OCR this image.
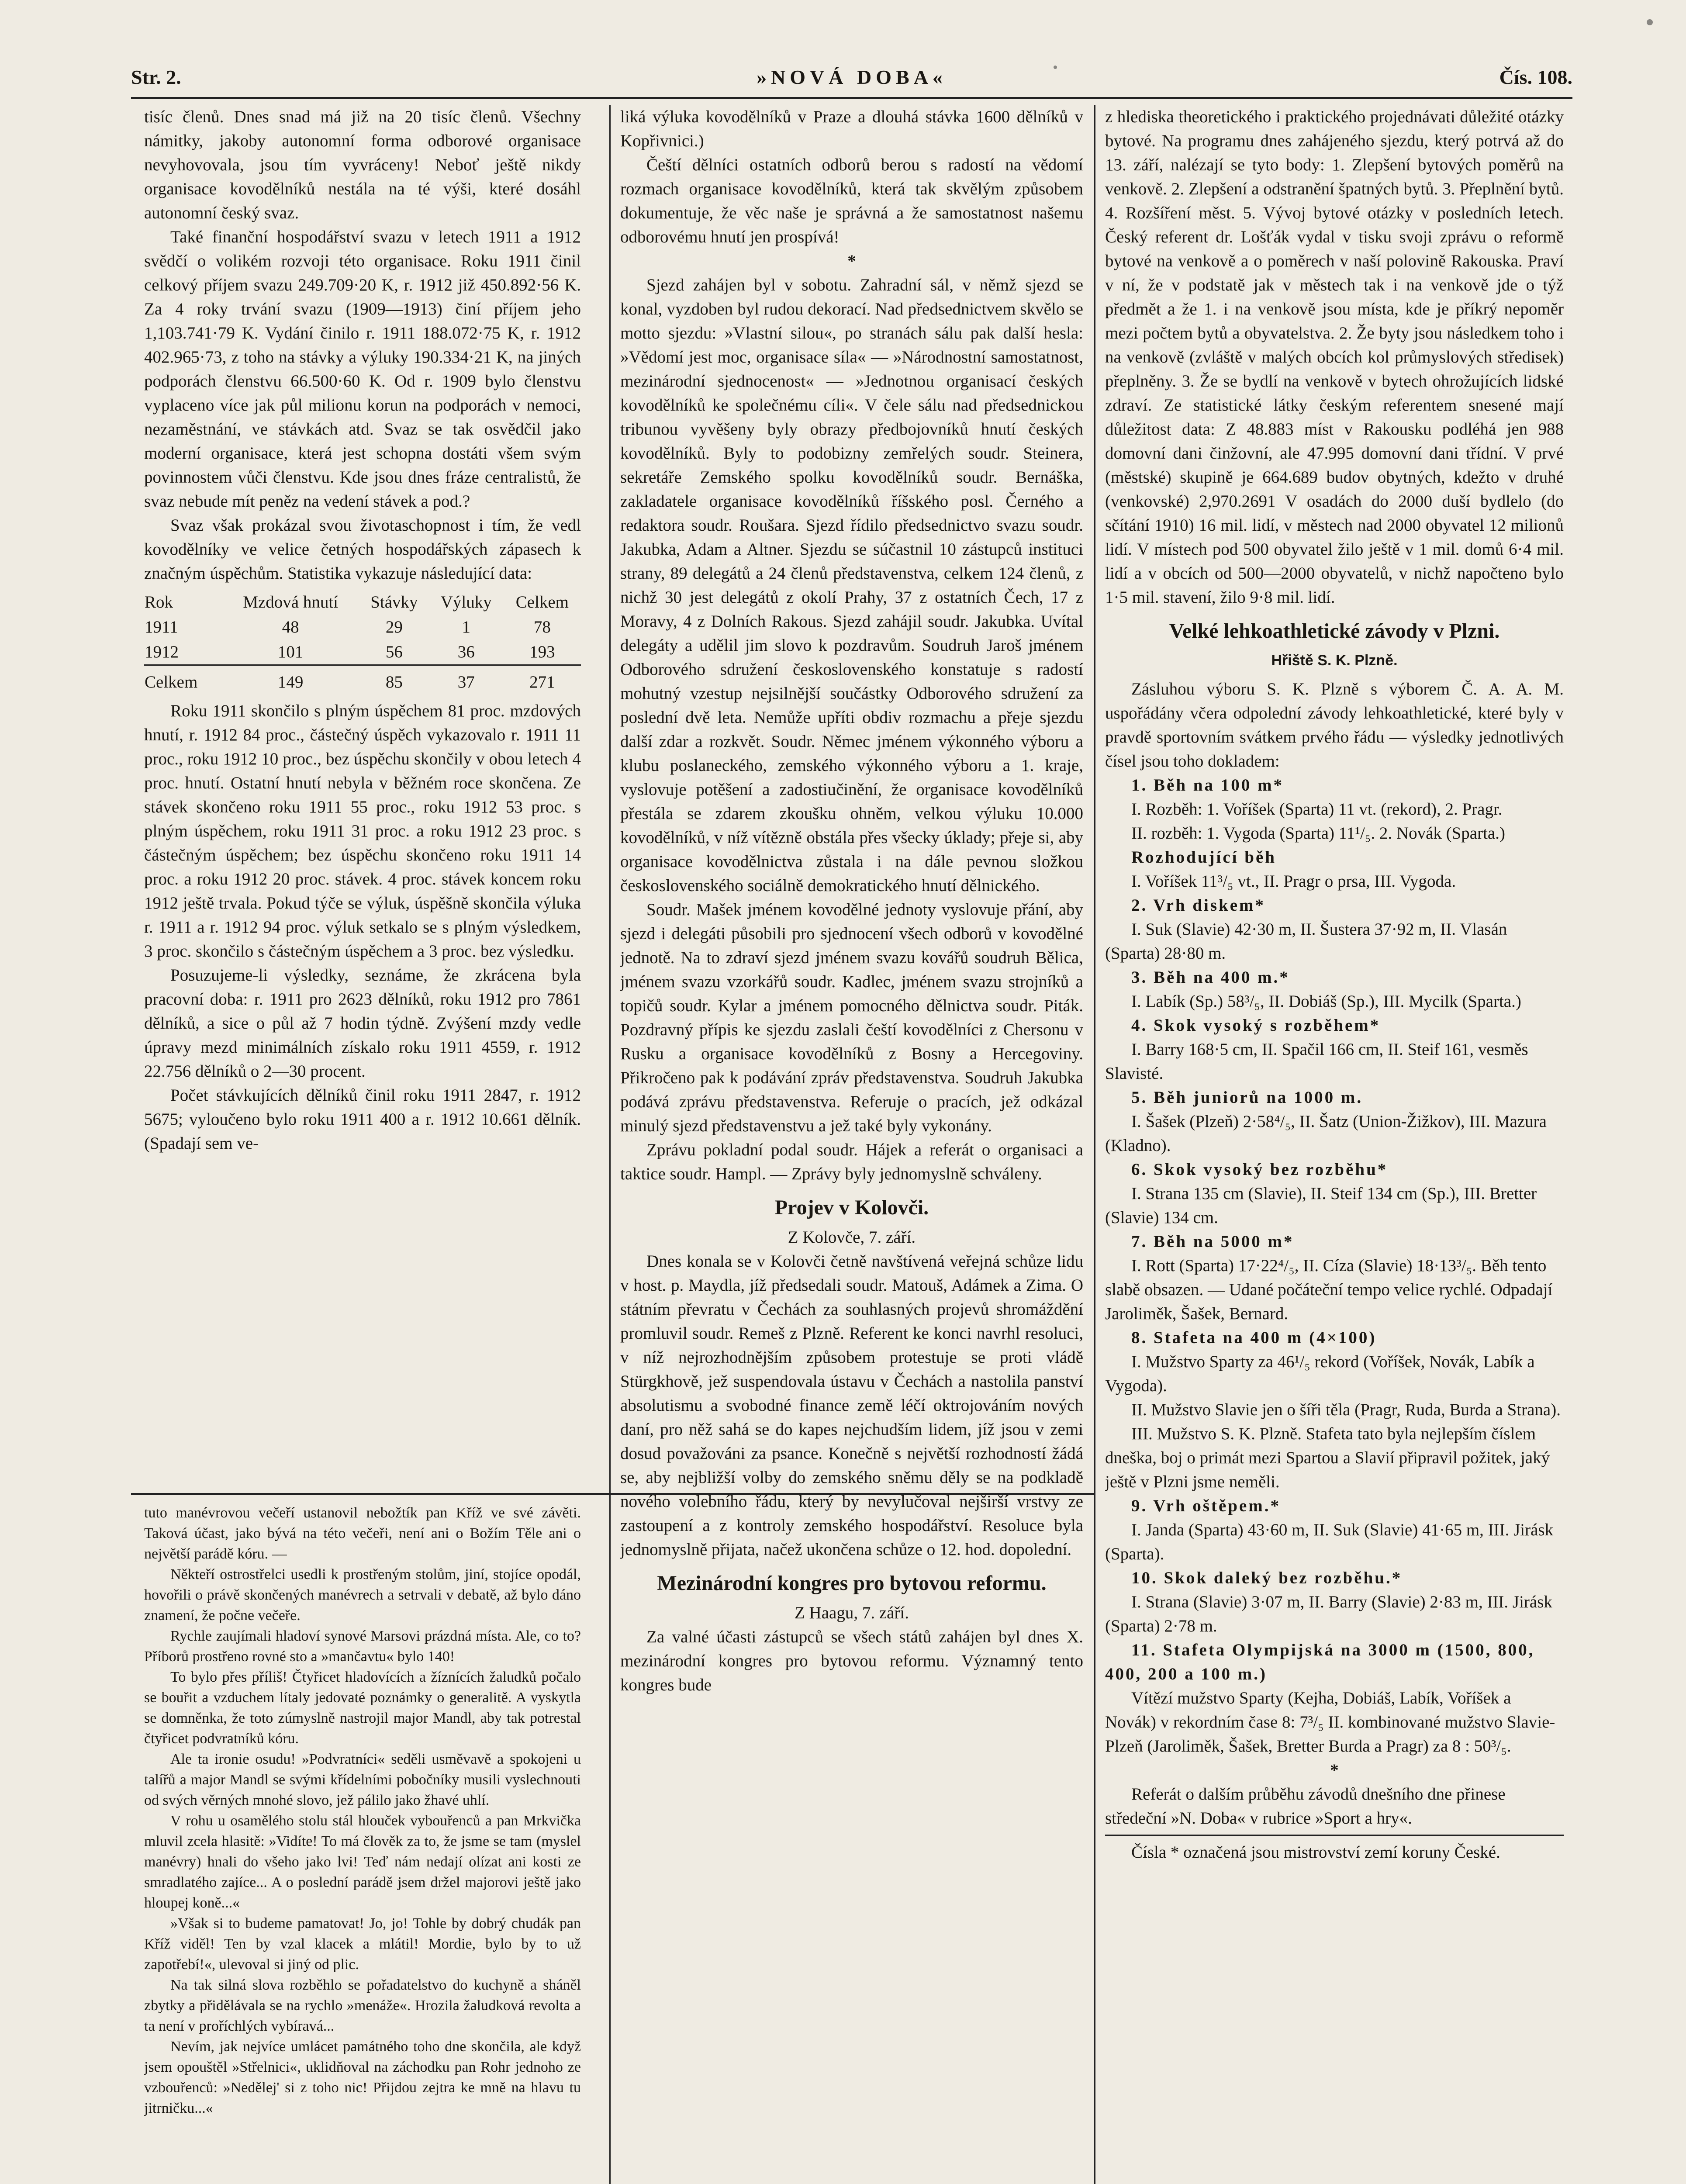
Str. 2.	»NOVÁ DOBA«	Čís. 108.

tisíc členů. Dnes snad má již na 20 tisíc členů. Všechny námitky, jakoby autonomní forma odborové organisace nevyhovovala, jsou tím vyvráceny! Neboť ještě nikdy organisace kovodělníků nestála na té výši, které dosáhl autonomní český svaz.

Také finanční hospodářství svazu v letech 1911 a 1912 svědčí o volikém rozvoji této organisace. Roku 1911 činil celkový příjem svazu 249.709·20 K, r. 1912 již 450.892·56 K. Za 4 roky trvání svazu (1909—1913) činí příjem jeho 1,103.741·79 K. Vydání činilo r. 1911 188.072·75 K, r. 1912 402.965·73, z toho na stávky a výluky 190.334·21 K, na jiných podporách členstvu 66.500·60 K. Od r. 1909 bylo členstvu vyplaceno více jak půl milionu korun na podporách v nemoci, nezaměstnání, ve stávkách atd. Svaz se tak osvědčil jako moderní organisace, která jest schopna dostáti všem svým povinnostem vůči členstvu. Kde jsou dnes fráze centralistů, že svaz nebude mít peněz na vedení stávek a pod.?

Svaz však prokázal svou životaschopnost i tím, že vedl kovodělníky ve velice četných hospodářských zápasech k značným úspěchům. Statistika vykazuje následující data:

Rok	Mzdová hnutí	Stávky	Výluky	Celkem
1911	48	29	1	78
1912	101	56	36	193
Celkem	149	85	37	271

Roku 1911 skončilo s plným úspěchem 81 proc. mzdových hnutí, r. 1912 84 proc., částečný úspěch vykazovalo r. 1911 11 proc., roku 1912 10 proc., bez úspěchu skončily v obou letech 4 proc. hnutí. Ostatní hnutí nebyla v běžném roce skončena. Ze stávek skončeno roku 1911 55 proc., roku 1912 53 proc. s plným úspěchem, roku 1911 31 proc. a roku 1912 23 proc. s částečným úspěchem; bez úspěchu skončeno roku 1911 14 proc. a roku 1912 20 proc. stávek. 4 proc. stávek koncem roku 1912 ještě trvala. Pokud týče se výluk, úspěšně skončila výluka r. 1911 a r. 1912 94 proc. výluk setkalo se s plným výsledkem, 3 proc. skončilo s částečným úspěchem a 3 proc. bez výsledku.

Posuzujeme-li výsledky, seznáme, že zkrácena byla pracovní doba: r. 1911 pro 2623 dělníků, roku 1912 pro 7861 dělníků, a sice o půl až 7 hodin týdně. Zvýšení mzdy vedle úpravy mezd minimálních získalo roku 1911 4559, r. 1912 22.756 dělníků o 2—30 procent.

Počet stávkujících dělníků činil roku 1911 2847, r. 1912 5675; vyloučeno bylo roku 1911 400 a r. 1912 10.661 dělník. (Spadají sem ve-

tuto manévrovou večeří ustanovil nebožtík pan Kříž ve své závěti. Taková účast, jako bývá na této večeři, není ani o Božím Těle ani o největší parádě kóru. —

Někteří ostrostřelci usedli k prostřeným stolům, jiní, stojíce opodál, hovořili o právě skončených manévrech a setrvali v debatě, až bylo dáno znamení, že počne večeře.

Rychle zaujímali hladoví synové Marsovi prázdná místa. Ale, co to? Příborů prostřeno rovné sto a »mančavtu« bylo 140!

To bylo přes příliš! Čtyřicet hladovících a žíznících žaludků počalo se bouřit a vzduchem lítaly jedovaté poznámky o generalitě. A vyskytla se domněnka, že toto zúmyslně nastrojil major Mandl, aby tak potrestal čtyřicet podvratníků kóru.

Ale ta ironie osudu! »Podvratníci« seděli usměvavě a spokojeni u talířů a major Mandl se svými křídelními pobočníky musili vyslechnouti od svých věrných mnohé slovo, jež pálilo jako žhavé uhlí.

V rohu u osamělého stolu stál hlouček vybouřenců a pan Mrkvička mluvil zcela hlasitě: »Vidíte! To má člověk za to, že jsme se tam (myslel manévry) hnali do všeho jako lvi! Teď nám nedají olízat ani kosti ze smradlatého zajíce... A o poslední parádě jsem držel majorovi ještě jako hloupej koně...«

»Však si to budeme pamatovat! Jo, jo! Tohle by dobrý chudák pan Kříž viděl! Ten by vzal klacek a mlátil! Mordie, bylo by to už zapotřebí!«, ulevoval si jiný od plic.

Na tak silná slova rozběhlo se pořadatelstvo do kuchyně a sháněl zbytky a přidělávala se na rychlo »menáže«. Hrozila žaludková revolta a ta není v proříchlých vybíravá...

Nevím, jak nejvíce umlácet památného toho dne skončila, ale když jsem opouštěl »Střelnici«, uklidňoval na záchodku pan Rohr jednoho ze vzbouřenců: »Nedělej' si z toho nic! Přijdou zejtra ke mně na hlavu tu jitrničku...«

liká výluka kovodělníků v Praze a dlouhá stávka 1600 dělníků v Kopřivnici.)

Čeští dělníci ostatních odborů berou s radostí na vědomí rozmach organisace kovodělníků, která tak skvělým způsobem dokumentuje, že věc naše je správná a že samostatnost našemu odborovému hnutí jen prospívá!

*

Sjezd zahájen byl v sobotu. Zahradní sál, v němž sjezd se konal, vyzdoben byl rudou dekorací. Nad předsednictvem skvělo se motto sjezdu: »Vlastní silou«, po stranách sálu pak další hesla: »Vědomí jest moc, organisace síla« — »Národnostní samostatnost, mezinárodní sjednocenost« — »Jednotnou organisací českých kovodělníků ke společnému cíli«. V čele sálu nad předsednickou tribunou vyvěšeny byly obrazy předbojovníků hnutí českých kovodělníků. Byly to podobizny zemřelých soudr. Steinera, sekretáře Zemského spolku kovodělníků soudr. Bernáška, zakladatele organisace kovodělníků říšského posl. Černého a redaktora soudr. Roušara. Sjezd řídilo předsednictvo svazu soudr. Jakubka, Adam a Altner. Sjezdu se súčastnil 10 zástupců instituci strany, 89 delegátů a 24 členů představenstva, celkem 124 členů, z nichž 30 jest delegátů z okolí Prahy, 37 z ostatních Čech, 17 z Moravy, 4 z Dolních Rakous. Sjezd zahájil soudr. Jakubka. Uvítal delegáty a udělil jim slovo k pozdravům. Soudruh Jaroš jménem Odborového sdružení československého konstatuje s radostí mohutný vzestup nejsilnější součástky Odborového sdružení za poslední dvě leta. Nemůže upříti obdiv rozmachu a přeje sjezdu další zdar a rozkvět. Soudr. Němec jménem výkonného výboru a klubu poslaneckého, zemského výkonného výboru a 1. kraje, vyslovuje potěšení a zadostiučinění, že organisace kovodělníků přestála se zdarem zkoušku ohněm, velkou výluku 10.000 kovodělníků, v níž vítězně obstála přes všecky úklady; přeje si, aby organisace kovodělnictva zůstala i na dále pevnou složkou československého sociálně demokratického hnutí dělnického.

Soudr. Mašek jménem kovodělné jednoty vyslovuje přání, aby sjezd i delegáti působili pro sjednocení všech odborů v kovodělné jednotě. Na to zdraví sjezd jménem svazu kovářů soudruh Bělica, jménem svazu vzorkářů soudr. Kadlec, jménem svazu strojníků a topičů soudr. Kylar a jménem pomocného dělnictva soudr. Piták. Pozdravný přípis ke sjezdu zaslali čeští kovodělníci z Chersonu v Rusku a organisace kovodělníků z Bosny a Hercegoviny. Přikročeno pak k podávání zpráv představenstva. Soudruh Jakubka podává zprávu představenstva. Referuje o pracích, jež odkázal minulý sjezd představenstvu a jež také byly vykonány.

Zprávu pokladní podal soudr. Hájek a referát o organisaci a taktice soudr. Hampl. — Zprávy byly jednomyslně schváleny.

Projev v Kolovči.

Z Kolovče, 7. září.

Dnes konala se v Kolovči četně navštívená veřejná schůze lidu v host. p. Maydla, jíž předsedali soudr. Matouš, Adámek a Zima. O státním převratu v Čechách za souhlasných projevů shromáždění promluvil soudr. Remeš z Plzně. Referent ke konci navrhl resoluci, v níž nejrozhodnějším způsobem protestuje se proti vládě Stürgkhově, jež suspendovala ústavu v Čechách a nastolila panství absolutismu a svobodné finance země léčí oktrojováním nových daní, pro něž sahá se do kapes nejchudším lidem, jíž jsou v zemi dosud považováni za psance. Konečně s největší rozhodností žádá se, aby nejbližší volby do zemského sněmu děly se na podkladě nového volebního řádu, který by nevylučoval nejširší vrstvy ze zastoupení a z kontroly zemského hospodářství. Resoluce byla jednomyslně přijata, načež ukončena schůze o 12. hod. dopolední.

Mezinárodní kongres pro bytovou reformu.

Z Haagu, 7. září.

Za valné účasti zástupců se všech států zahájen byl dnes X. mezinárodní kongres pro bytovou reformu. Významný tento kongres bude

z hlediska theoretického i praktického projednávati důležité otázky bytové. Na programu dnes zahájeného sjezdu, který potrvá až do 13. září, nalézají se tyto body: 1. Zlepšení bytových poměrů na venkově. 2. Zlepšení a odstranění špatných bytů. 3. Přeplnění bytů. 4. Rozšíření měst. 5. Vývoj bytové otázky v posledních letech. Český referent dr. Lošťák vydal v tisku svoji zprávu o reformě bytové na venkově a o poměrech v naší polovině Rakouska. Praví v ní, že v podstatě jak v městech tak i na venkově jde o týž předmět a že 1. i na venkově jsou místa, kde je příkrý nepoměr mezi počtem bytů a obyvatelstva. 2. Že byty jsou následkem toho i na venkově (zvláště v malých obcích kol průmyslových středisek) přeplněny. 3. Že se bydlí na venkově v bytech ohrožujících lidské zdraví. Ze statistické látky českým referentem snesené mají důležitost data: Z 48.883 míst v Rakousku podléhá jen 988 domovní dani činžovní, ale 47.995 domovní dani třídní. V prvé (městské) skupině je 664.689 budov obytných, kdežto v druhé (venkovské) 2,970.2691 V osadách do 2000 duší bydlelo (do sčítání 1910) 16 mil. lidí, v městech nad 2000 obyvatel 12 milionů lidí. V místech pod 500 obyvatel žilo ještě v 1 mil. domů 6·4 mil. lidí a v obcích od 500—2000 obyvatelů, v nichž napočteno bylo 1·5 mil. stavení, žilo 9·8 mil. lidí.

Velké lehkoathletické závody v Plzni.
Hřiště S. K. Plzně.

Zásluhou výboru S. K. Plzně s výborem Č. A. A. M. uspořádány včera odpolední závody lehkoathletické, které byly v pravdě sportovním svátkem prvého řádu — výsledky jednotlivých čísel jsou toho dokladem:

1. Běh na 100 m*

I. Rozběh: 1. Voříšek (Sparta) 11 vt. (rekord), 2. Pragr.

II. rozběh: 1. Vygoda (Sparta) 11¹/₅. 2. Novák (Sparta.)

Rozhodující běh

I. Voříšek 11³/₅ vt., II. Pragr o prsa, III. Vygoda.

2. Vrh diskem*

I. Suk (Slavie) 42·30 m, II. Šustera 37·92 m, II. Vlasán (Sparta) 28·80 m.

3. Běh na 400 m.*

I. Labík (Sp.) 58³/₅, II. Dobiáš (Sp.), III. Mycilk (Sparta.)

4. Skok vysoký s rozběhem*

I. Barry 168·5 cm, II. Spačil 166 cm, II. Steif 161, vesměs Slavisté.

5. Běh juniorů na 1000 m.

I. Šašek (Plzeň) 2·58⁴/₅, II. Šatz (Union-Žižkov), III. Mazura (Kladno).

6. Skok vysoký bez rozběhu*

I. Strana 135 cm (Slavie), II. Steif 134 cm (Sp.), III. Bretter (Slavie) 134 cm.

7. Běh na 5000 m*

I. Rott (Sparta) 17·22⁴/₅, II. Cíza (Slavie) 18·13³/₅. Běh tento slabě obsazen. — Udané počáteční tempo velice rychlé. Odpadají Jaroliměk, Šašek, Bernard.

8. Stafeta na 400 m (4×100)

I. Mužstvo Sparty za 46¹/₅ rekord (Voříšek, Novák, Labík a Vygoda).

II. Mužstvo Slavie jen o šíři těla (Pragr, Ruda, Burda a Strana).

III. Mužstvo S. K. Plzně. Stafeta tato byla nejlepším číslem dneška, boj o primát mezi Spartou a Slavií připravil požitek, jaký ještě v Plzni jsme neměli.

9. Vrh oštěpem.*

I. Janda (Sparta) 43·60 m, II. Suk (Slavie) 41·65 m, III. Jirásk (Sparta).

10. Skok daleký bez rozběhu.*

I. Strana (Slavie) 3·07 m, II. Barry (Slavie) 2·83 m, III. Jirásk (Sparta) 2·78 m.

11. Stafeta Olympijská na 3000 m (1500, 800, 400, 200 a 100 m.)

Vítězí mužstvo Sparty (Kejha, Dobiáš, Labík, Voříšek a Novák) v rekordním čase 8: 7³/₅ II. kombinované mužstvo Slavie-Plzeň (Jaroliměk, Šašek, Bretter Burda a Pragr) za 8 : 50³/₅.

*

Referát o dalším průběhu závodů dnešního dne přinese středeční »N. Doba« v rubrice »Sport a hry«.

Čísla * označená jsou mistrovství zemí koruny České.
